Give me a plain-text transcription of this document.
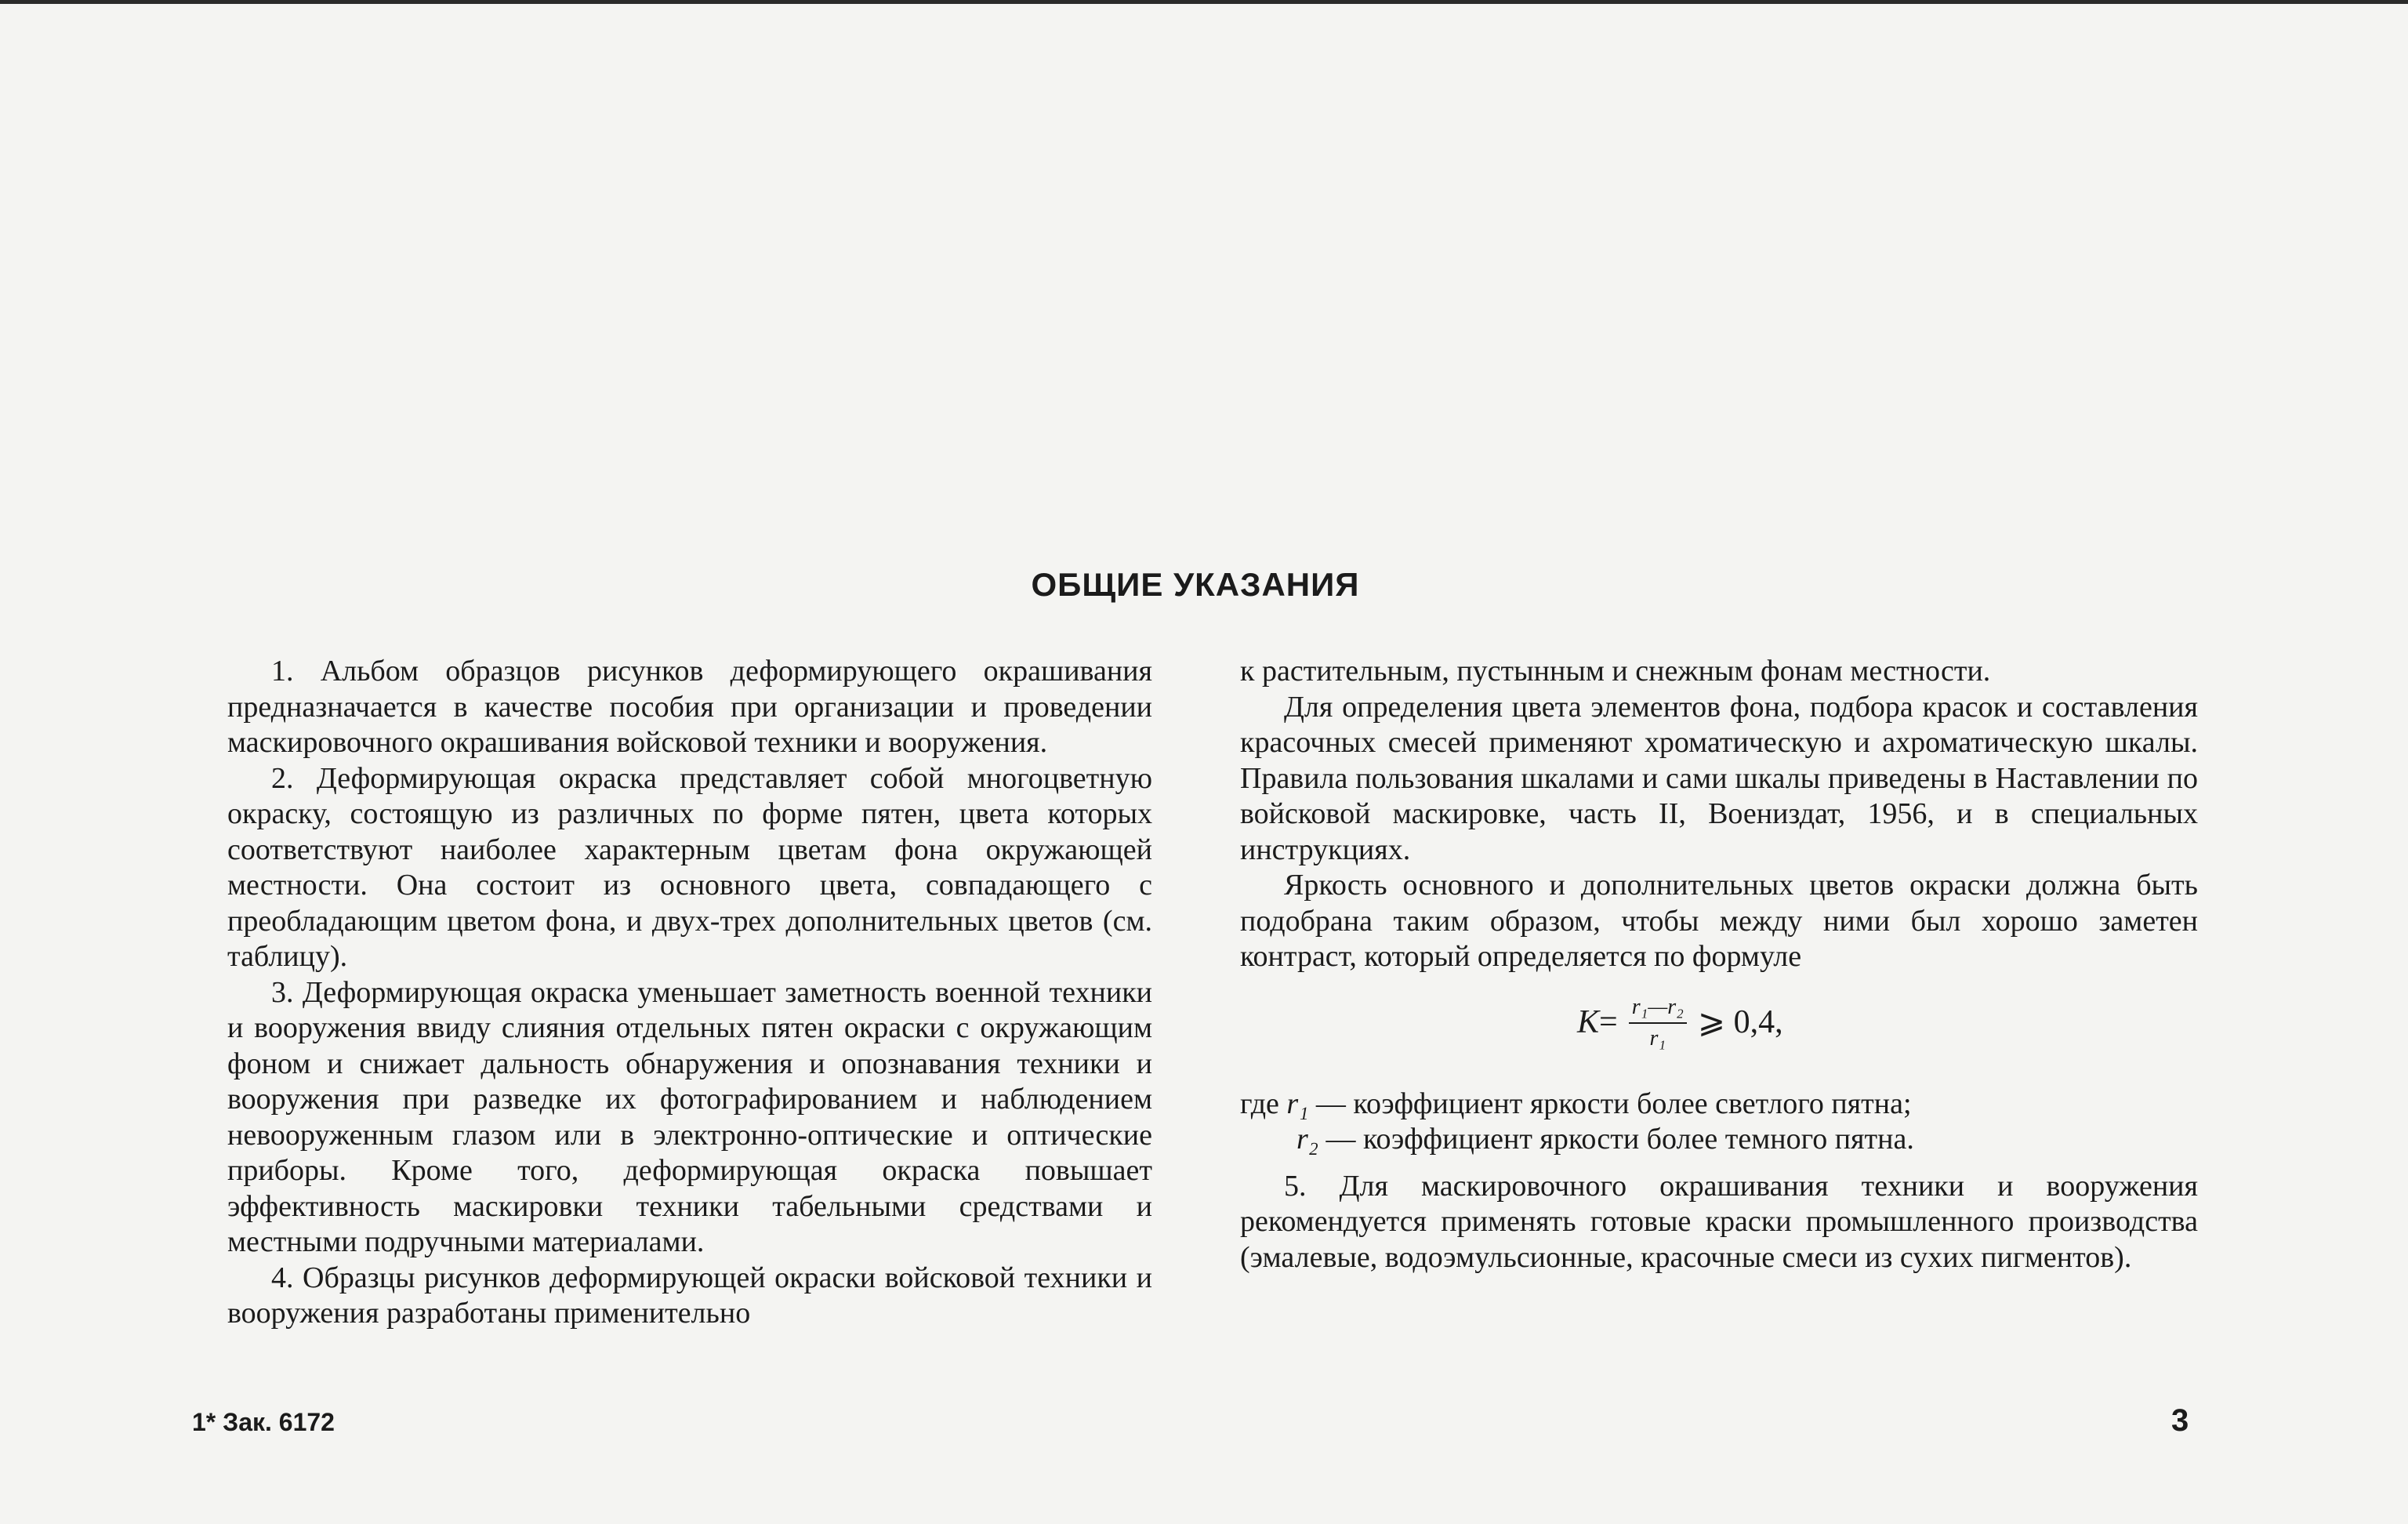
ОБЩИЕ УКАЗАНИЯ

1. Альбом образцов рисунков деформирующего окрашивания предназначается в качестве пособия при организации и проведении маскировочного окрашивания войсковой техники и вооружения.

2. Деформирующая окраска представляет собой многоцветную окраску, состоящую из различных по форме пятен, цвета которых соответствуют наиболее характерным цветам фона окружающей местности. Она состоит из основного цвета, совпадающего с преобладающим цветом фона, и двух-трех дополнительных цветов (см. таблицу).

3. Деформирующая окраска уменьшает заметность военной техники и вооружения ввиду слияния отдельных пятен окраски с окружающим фоном и снижает дальность обнаружения и опознавания техники и вооружения при разведке их фотографированием и наблюдением невооруженным глазом или в электронно-оптические и оптические приборы. Кроме того, деформирующая окраска повышает эффективность маскировки техники табельными средствами и местными подручными материалами.

4. Образцы рисунков деформирующей окраски войсковой техники и вооружения разработаны применительно

к растительным, пустынным и снежным фонам местности.

Для определения цвета элементов фона, подбора красок и составления красочных смесей применяют хроматическую и ахроматическую шкалы. Правила пользования шкалами и сами шкалы приведены в Наставлении по войсковой маскировке, часть II, Воениздат, 1956, и в специальных инструкциях.

Яркость основного и дополнительных цветов окраски должна быть подобрана таким образом, чтобы между ними был хорошо заметен контраст, который определяется по формуле

$K = \frac{\text{r₁—r₂}}{\text{r₁}}$ ⩾ 0,4,

где r₁ — коэффициент яркости более светлого пятна;

r₂ — коэффициент яркости более темного пятна.

5. Для маскировочного окрашивания техники и вооружения рекомендуется применять готовые краски промышленного производства (эмалевые, водоэмульсионные, красочные смеси из сухих пигментов).

1* Зак. 6172	3
